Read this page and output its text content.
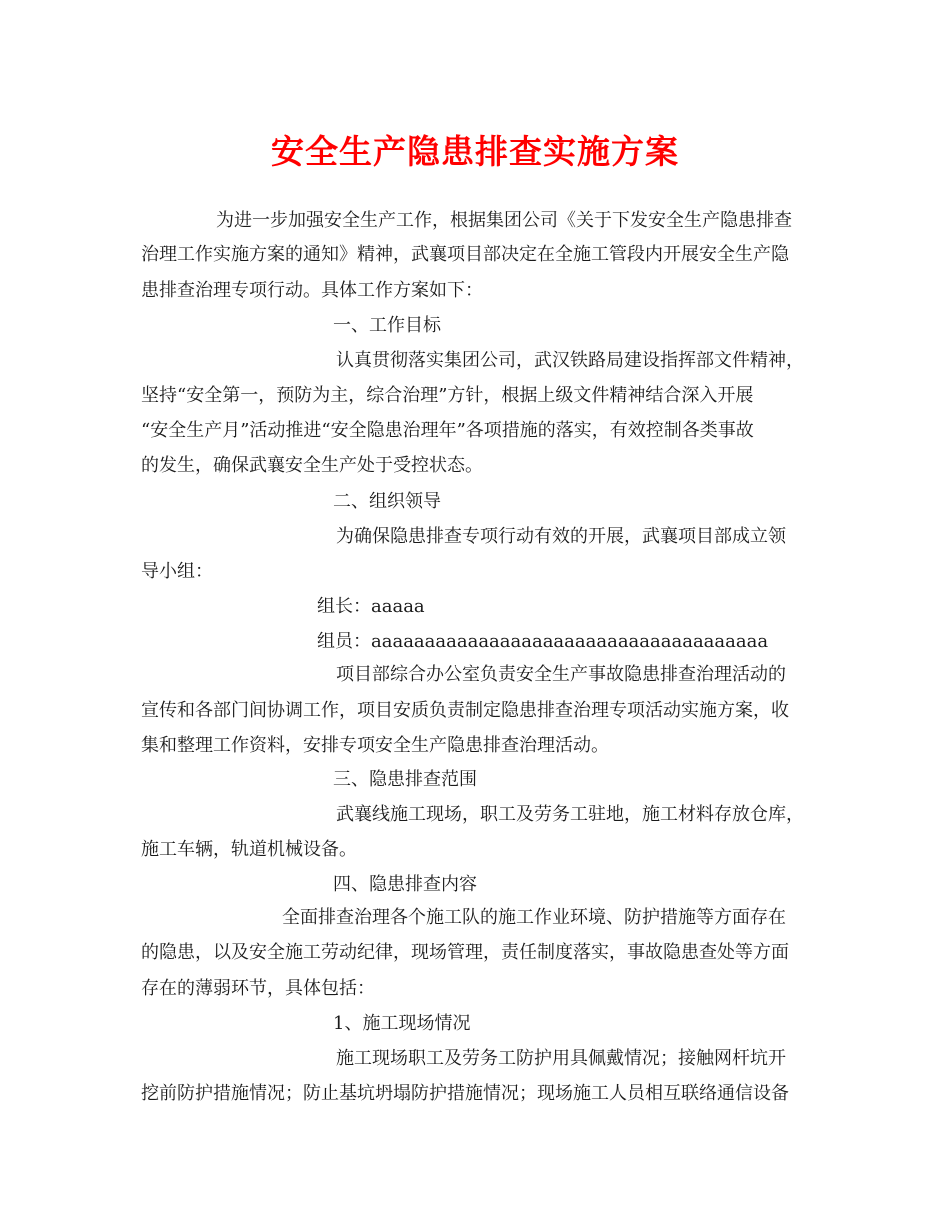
安全生产隐患排查实施方案
为进一步加强安全生产工作，根据集团公司《关于下发安全生产隐患排查
治理工作实施方案的通知》精神，武襄项目部决定在全施工管段内开展安全生产隐
患排查治理专项行动。具体工作方案如下：
一、工作目标
认真贯彻落实集团公司，武汉铁路局建设指挥部文件精神，
坚持“安全第一，预防为主，综合治理”方针，根据上级文件精神结合深入开展
“安全生产月”活动推进“安全隐患治理年”各项措施的落实，有效控制各类事故
的发生，确保武襄安全生产处于受控状态。
二、组织领导
为确保隐患排查专项行动有效的开展，武襄项目部成立领
导小组：
组长：aaaaa
组员：aaaaaaaaaaaaaaaaaaaaaaaaaaaaaaaaaaaaa
项目部综合办公室负责安全生产事故隐患排查治理活动的
宣传和各部门间协调工作，项目安质负责制定隐患排查治理专项活动实施方案，收
集和整理工作资料，安排专项安全生产隐患排查治理活动。
三、隐患排查范围
武襄线施工现场，职工及劳务工驻地，施工材料存放仓库，
施工车辆，轨道机械设备。
四、隐患排查内容
全面排查治理各个施工队的施工作业环境、防护措施等方面存在
的隐患，以及安全施工劳动纪律，现场管理，责任制度落实，事故隐患查处等方面
存在的薄弱环节，具体包括：
1、施工现场情况
施工现场职工及劳务工防护用具佩戴情况；接触网杆坑开
挖前防护措施情况；防止基坑坍塌防护措施情况；现场施工人员相互联络通信设备
